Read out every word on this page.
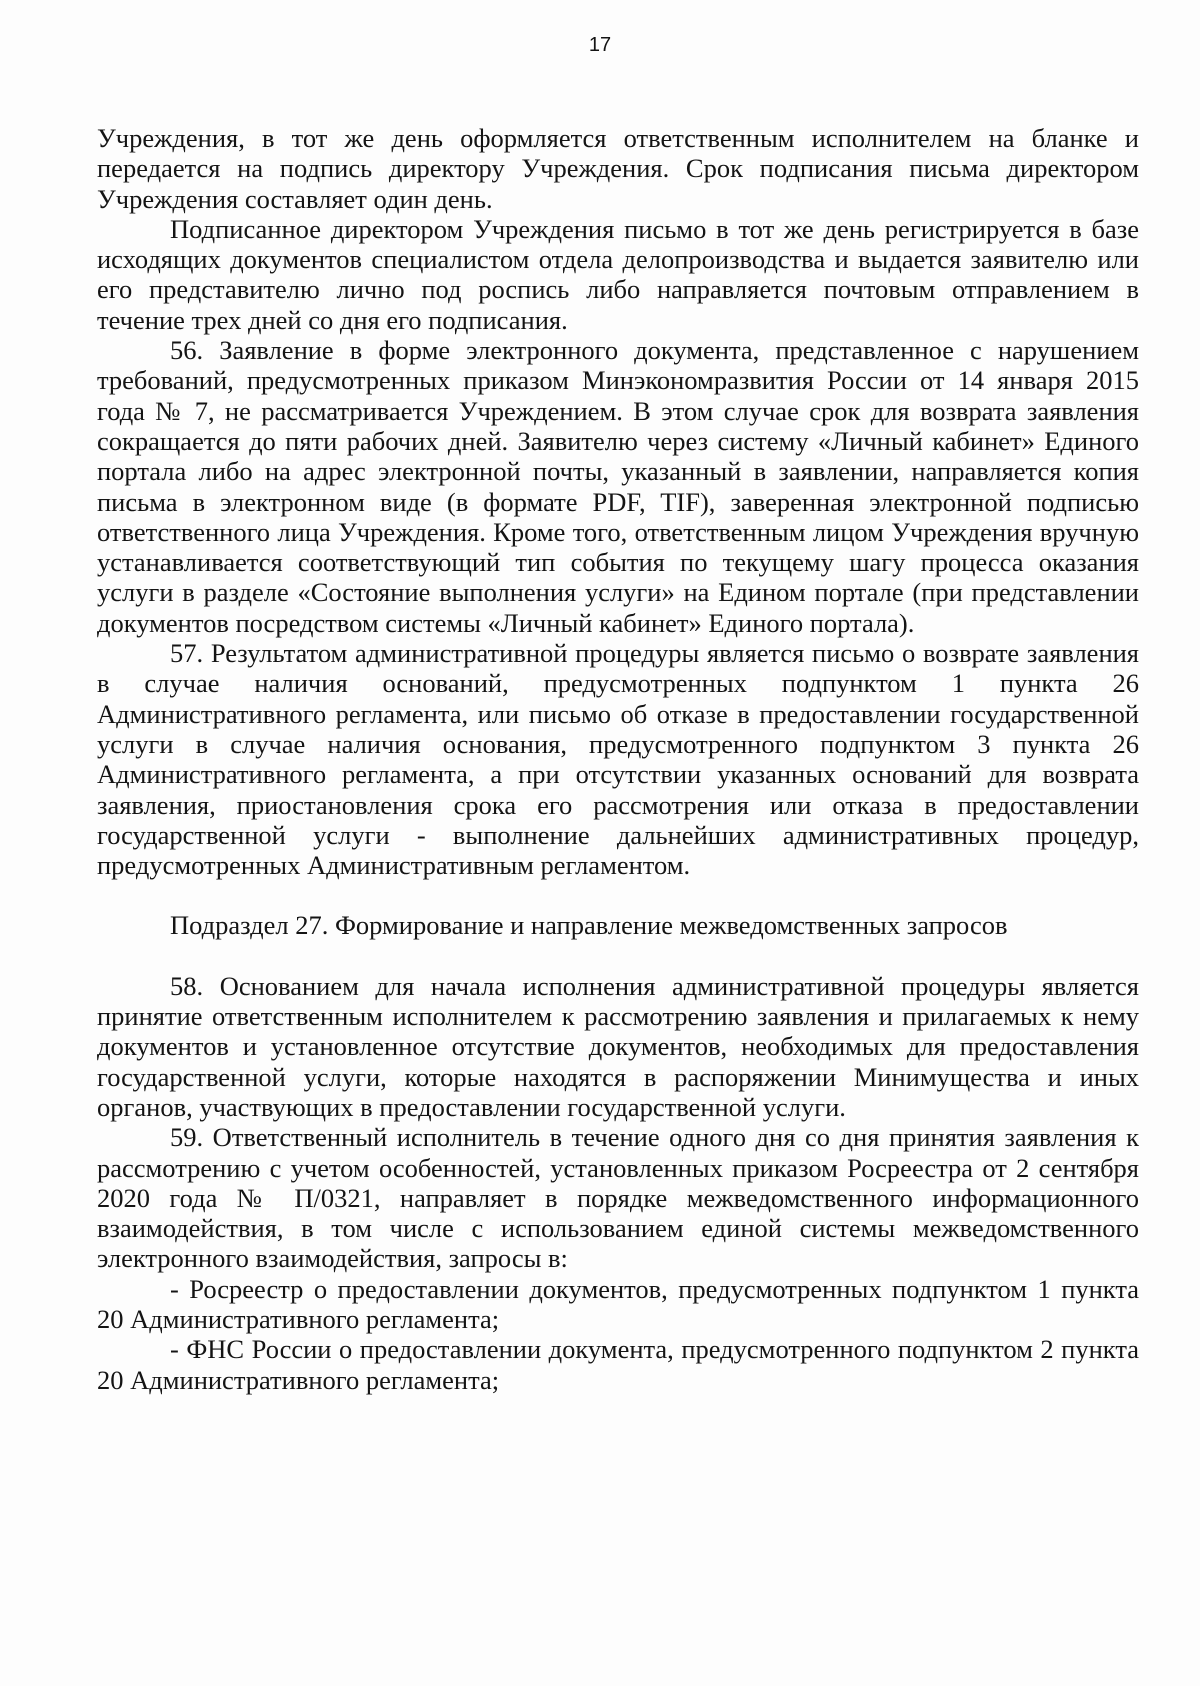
17

Учреждения, в тот же день оформляется ответственным исполнителем на бланке и передается на подпись директору Учреждения. Срок подписания письма директором Учреждения составляет один день.

Подписанное директором Учреждения письмо в тот же день регистрируется в базе исходящих документов специалистом отдела делопроизводства и выдается заявителю или его представителю лично под роспись либо направляется почтовым отправлением в течение трех дней со дня его подписания.

56. Заявление в форме электронного документа, представленное с нарушением требований, предусмотренных приказом Минэкономразвития России от 14 января 2015 года № 7, не рассматривается Учреждением. В этом случае срок для возврата заявления сокращается до пяти рабочих дней. Заявителю через систему «Личный кабинет» Единого портала либо на адрес электронной почты, указанный в заявлении, направляется копия письма в электронном виде (в формате PDF, TIF), заверенная электронной подписью ответственного лица Учреждения. Кроме того, ответственным лицом Учреждения вручную устанавливается соответствующий тип события по текущему шагу процесса оказания услуги в разделе «Состояние выполнения услуги» на Едином портале (при представлении документов посредством системы «Личный кабинет» Единого портала).

57. Результатом административной процедуры является письмо о возврате заявления в случае наличия оснований, предусмотренных подпунктом 1 пункта 26 Административного регламента, или письмо об отказе в предоставлении государственной услуги в случае наличия основания, предусмотренного подпунктом 3 пункта 26 Административного регламента, а при отсутствии указанных оснований для возврата заявления, приостановления срока его рассмотрения или отказа в предоставлении государственной услуги - выполнение дальнейших административных процедур, предусмотренных Административным регламентом.

Подраздел 27. Формирование и направление межведомственных запросов

58. Основанием для начала исполнения административной процедуры является принятие ответственным исполнителем к рассмотрению заявления и прилагаемых к нему документов и установленное отсутствие документов, необходимых для предоставления государственной услуги, которые находятся в распоряжении Минимущества и иных органов, участвующих в предоставлении государственной услуги.

59. Ответственный исполнитель в течение одного дня со дня принятия заявления к рассмотрению с учетом особенностей, установленных приказом Росреестра от 2 сентября 2020 года № П/0321, направляет в порядке межведомственного информационного взаимодействия, в том числе с использованием единой системы межведомственного электронного взаимодействия, запросы в:

- Росреестр о предоставлении документов, предусмотренных подпунктом 1 пункта 20 Административного регламента;

- ФНС России о предоставлении документа, предусмотренного подпунктом 2 пункта 20 Административного регламента;
